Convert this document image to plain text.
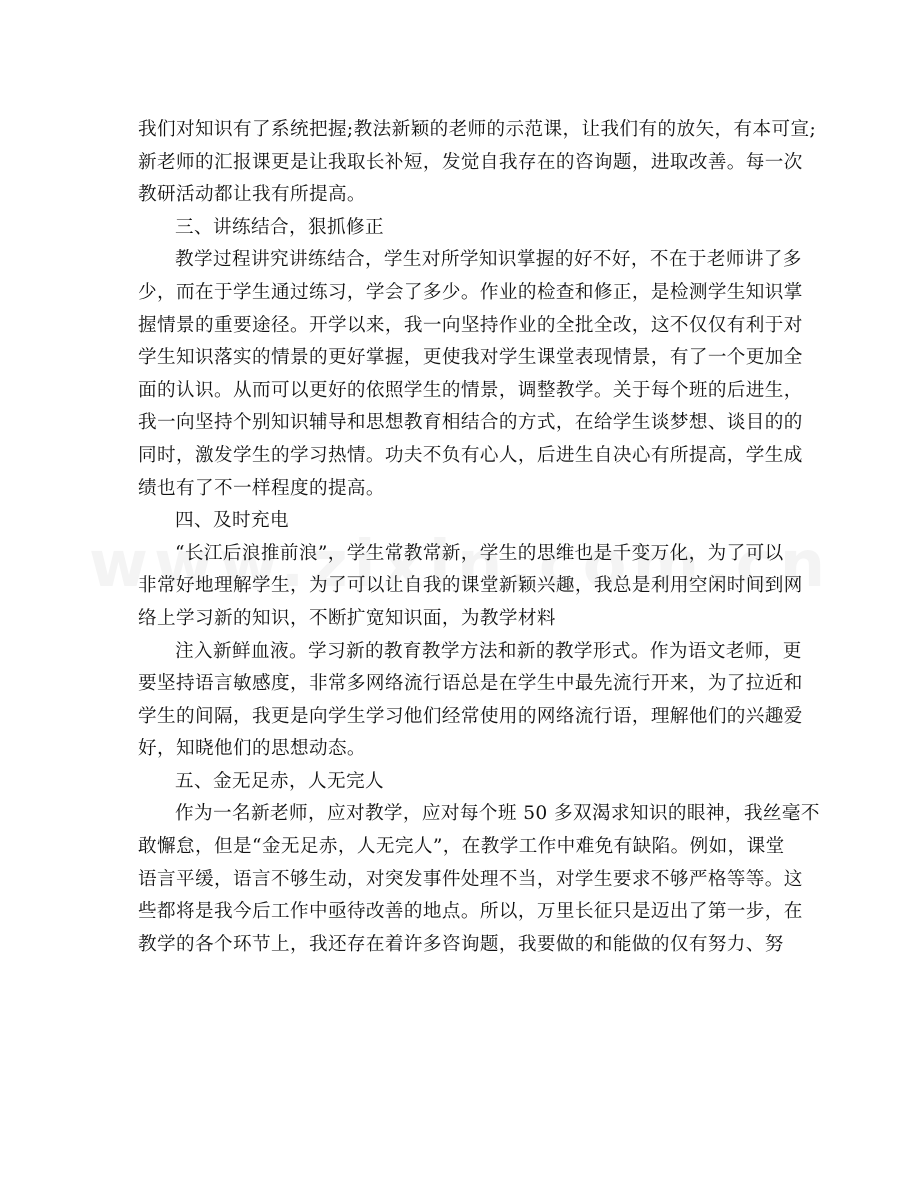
我们对知识有了系统把握;教法新颖的老师的示范课，让我们有的放矢，有本可宣;
新老师的汇报课更是让我取长补短，发觉自我存在的咨询题，进取改善。每一次
教研活动都让我有所提高。
三、讲练结合，狠抓修正
教学过程讲究讲练结合，学生对所学知识掌握的好不好，不在于老师讲了多
少，而在于学生通过练习，学会了多少。作业的检查和修正，是检测学生知识掌
握情景的重要途径。开学以来，我一向坚持作业的全批全改，这不仅仅有利于对
学生知识落实的情景的更好掌握，更使我对学生课堂表现情景，有了一个更加全
面的认识。从而可以更好的依照学生的情景，调整教学。关于每个班的后进生，
我一向坚持个别知识辅导和思想教育相结合的方式，在给学生谈梦想、谈目的的
同时，激发学生的学习热情。功夫不负有心人，后进生自决心有所提高，学生成
绩也有了不一样程度的提高。
四、及时充电
“长江后浪推前浪”，学生常教常新，学生的思维也是千变万化，为了可以
非常好地理解学生，为了可以让自我的课堂新颖兴趣，我总是利用空闲时间到网
络上学习新的知识，不断扩宽知识面，为教学材料
注入新鲜血液。学习新的教育教学方法和新的教学形式。作为语文老师，更
要坚持语言敏感度，非常多网络流行语总是在学生中最先流行开来，为了拉近和
学生的间隔，我更是向学生学习他们经常使用的网络流行语，理解他们的兴趣爱
好，知晓他们的思想动态。
五、金无足赤，人无完人
作为一名新老师，应对教学，应对每个班 50 多双渴求知识的眼神，我丝毫不
敢懈怠，但是“金无足赤，人无完人”，在教学工作中难免有缺陷。例如，课堂
语言平缓，语言不够生动，对突发事件处理不当，对学生要求不够严格等等。这
些都将是我今后工作中亟待改善的地点。所以，万里长征只是迈出了第一步，在
教学的各个环节上，我还存在着许多咨询题，我要做的和能做的仅有努力、努
